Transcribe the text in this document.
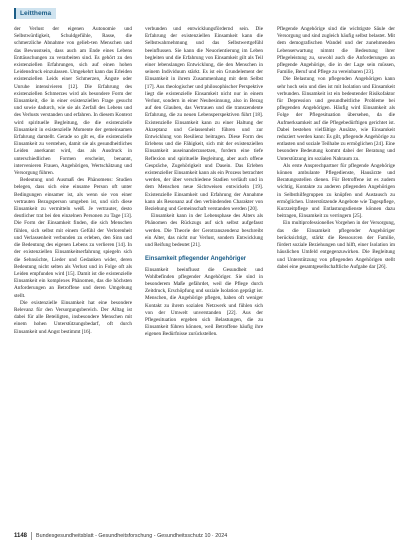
Leitthema

der Verlust der eigenen Autonomie und Selbstwürdigkeit, Schuldgefühle, Rasse, die schmerzliche Abnahme von gelieb-ten Menschen und das Bewusstsein, dass auch am Ende eines Lebens Enttäuschungen zu verarbeiten sind. Es gehört zu den existenziellen Erfahrungen, sich auf einen hohen Leidensdruck einzulassen. Umgekehrt kann das Erleiden existenziellen Leids einer Schmerzen, Ängste oder Unruhe intensivieren [12]. Die Erfahrung des existenziellen Schmerzes wird als besondere Form der Einsamkeit, die in einer existenziellen Frage gesucht und sowie dadurch, wie sie als Zerfall des Lebens und des Verlusts verstanden und erfahren. In diesem Kontext wird spirituelle Begleitung, die die existenzielle Einsamkeit in existenzielle Momente der gemeinsamen Erfahrung darstellt. Gerade so gilt es, die existenzielle Einsamkeit zu verstehen, damit sie als gesundheitliches Leiden anerkannt wird, das als Ausdruck in unterschiedlichen Formen erscheint, benannt, intervenieren Frauen, Angehörigen, Wertschätzung und Versorgung führen.

Bedeutung und Ausmaß des Phänomens: Studien belegen, dass sich eine einsame Person oft unter Bedingungen einsamer ist, als wenn sie von einer vertrauten Bezugsperson umgeben ist, und sich diese Einsamkeit zu vermitteln weiß. Je vertrauter, desto deutlicher trat bei den einzelnen Personen zu Tage [13]. Die Form der Einsamkeit finden, die sich Menschen fühlen, sich selbst mit einem Gefühl der Verlorenheit und Verlassenheit verbunden zu erleben, den Sinn und die Bedeutung des eigenen Lebens zu verlieren [14]. In der existenziellen Einsamkeitserfahrung spiegeln sich die Sehnsüchte, Lieder und Gedanken wider, deren Bedeutung nicht selten als Verlust und in Folge oft als Leiden empfunden wird [15]. Damit ist die existenzielle Einsamkeit ein komplexes Phänomen, das die höchsten Anforderungen an Betroffene und deren Umgebung stellt.

Die existenzielle Einsamkeit hat eine besondere Relevanz für den Versorgungsbereich. Der Alltag ist dabei für alle Beteiligten, insbesondere Menschen mit einem hohen Unterstützungsbedarf, oft durch Einsamkeit und Angst bestimmt [16].

verbunden und entwicklungsfördernd sein. Die Erfahrung der existenziellen Einsamkeit kann die Selbstwahrnehmung und das Selbstwertgefühl beeinflussen. Sie kann die Neuorientierung im Leben begleiten und die Erfahrung von Einsamkeit gilt als Teil einer lebenslangen Entwicklung, die den Menschen in seinem Individuum stärkt. Es ist ein Grundelement der Einsamkeit in ihrem Zusammenhang mit dem Selbst [17]. Aus theologischer und philosophischer Perspektive liegt die existenzielle Einsamkeit nicht nur in einem Verlust, sondern in einer Neubesinnung, also in Bezug auf den Glauben, das Vertrauen und die transzendente Erfahrung, die zu neuen Lebensperspektiven führt [18]. Existenzielle Einsamkeit kann zu einer Haltung der Akzeptanz und Gelassenheit führen und zur Entwicklung von Resilienz beitragen. Diese Form des Erlebens und die Fähigkeit, sich mit der existenziellen Einsamkeit auseinanderzusetzen, fordern eine tiefe Reflexion und spirituelle Begleitung, aber auch offene Gespräche, Zugehörigkeit und Dasein. Das Erleben existenzieller Einsamkeit kann als ein Prozess betrachtet werden, der über verschiedene Stadien verläuft und in dem Menschen neue Sichtweisen entwickeln [19]. Existenzielle Einsamkeit und Erfahrung der Annahme kann als Resonanz auf den verbindenden Charakter von Beziehung und Gemeinschaft verstanden werden [20].

Einsamkeit kann in der Lebensphase des Alters als Phänomen des Rückzugs auf sich selbst aufgefasst werden. Die Theorie der Gerotranszendenz beschreibt ein Alter, das nicht nur Verlust, sondern Entwicklung und Reifung bedeutet [21].

Einsamkeit pflegender Angehöriger

Einsamkeit beeinflusst die Gesundheit und Wohlbefinden pflegender Angehöriger. Sie sind in besonderem Maße gefährdet, weil die Pflege durch Zeitdruck, Erschöpfung und soziale Isolation geprägt ist. Menschen, die Angehörige pflegen, haben oft weniger Kontakt zu ihrem sozialen Netzwerk und fühlen sich von der Umwelt unverstanden [22]. Aus der Pflegesituation ergeben sich Belastungen, die zu Einsamkeit führen können, weil Betroffene häufig ihre eigenen Bedürfnisse zurückstellen.

Pflegende Angehörige sind die wichtigste Säule der Versorgung und sind zugleich häufig selbst belastet. Mit dem demografischen Wandel und der zunehmenden Lebenserwartung nimmt die Bedeutung ihrer Pflegeleistung zu, sowohl auch die Anforderungen an pflegende Angehörige, die in der Lage sein müssen, Familie, Beruf und Pflege zu vereinbaren [23].

Die Belastung von pflegenden Angehörigen kann sehr hoch sein und dies ist mit Isolation und Einsamkeit verbunden. Einsamkeit ist ein bedeutender Risikofaktor für Depression und gesundheitliche Probleme bei pflegenden Angehörigen. Häufig wird Einsamkeit als Folge der Pflegesituation übersehen, da die Aufmerksamkeit auf die Pflegebedürftigen gerichtet ist. Dabei bestehen vielfältige Ansätze, wie Einsamkeit reduziert werden kann: Es gilt, pflegende Angehörige zu entlasten und soziale Teilhabe zu ermöglichen [24]. Eine besondere Bedeutung kommt dabei der Beratung und Unterstützung im sozialen Nahraum zu.

Als erste Ansprechpartner für pflegende Angehörige können ambulante Pflegedienste, Hausärzte und Beratungsstellen dienen. Für Betroffene ist es zudem wichtig, Kontakte zu anderen pflegenden Angehörigen in Selbsthilfegruppen zu knüpfen und Austausch zu ermöglichen. Unterstützende Angebote wie Tagespflege, Kurzzeitpflege und Entlastungsdienste können dazu beitragen, Einsamkeit zu verringern [25].

Ein multiprofessionelles Vorgehen in der Versorgung, das die Einsamkeit pflegender Angehöriger berücksichtigt, stärkt die Ressourcen der Familie, fördert soziale Beziehungen und hilft, einer Isolation im häuslichen Umfeld entgegenzuwirken. Die Begleitung und Unterstützung von pflegenden Angehörigen stellt dabei eine gesamtgesellschaftliche Aufgabe dar [26].

1148 Bundesgesundheitsblatt - Gesundheitsforschung - Gesundheitsschutz 10 · 2024
